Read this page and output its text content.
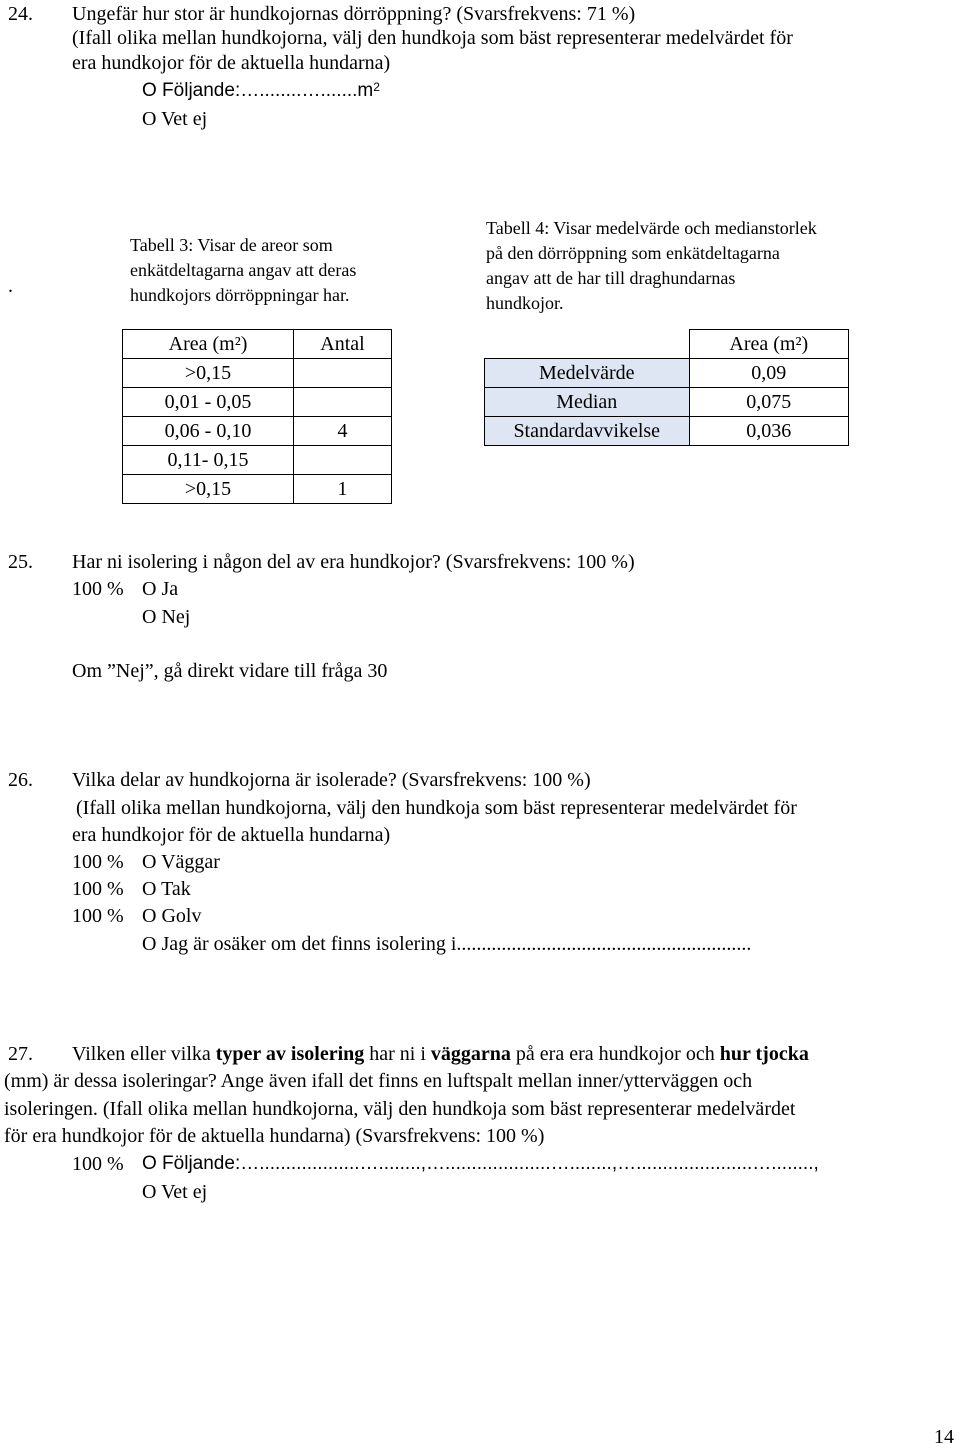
24. Ungefär hur stor är hundkojornas dörröppning? (Svarsfrekvens: 71 %)
(Ifall olika mellan hundkojorna, välj den hundkoja som bäst representerar medelvärdet för
era hundkojor för de aktuella hundarna)
O $Följande:\dots........\dots.......m^2$
O Vet ej
.
Tabell 3: Visar de areor som
enkätdeltagarna angav att deras
hundkojors dörröppningar har.
Area (m²)	Antal
>0,15	
0,01 - 0,05	
0,06 - 0,10	4
0,11- 0,15	
>0,15	1
Tabell 4: Visar medelvärde och medianstorlek
på den dörröppning som enkätdeltagarna
angav att de har till draghundarnas
hundkojor.
	Area (m²)
Medelvärde	0,09
Median	0,075
Standardavvikelse	0,036
25. Har ni isolering i någon del av era hundkojor? (Svarsfrekvens: 100 %)
100 % O Ja
O Nej
Om ”Nej”, gå direkt vidare till fråga 30
26. Vilka delar av hundkojorna är isolerade? (Svarsfrekvens: 100 %)
(Ifall olika mellan hundkojorna, välj den hundkoja som bäst representerar medelvärdet för
era hundkojor för de aktuella hundarna)
100 % O Väggar
100 % O Tak
100 % O Golv
O Jag är osäker om det finns isolering i...........................................................
27. Vilken eller vilka typer av isolering har ni i väggarna på era era hundkojor och hur tjocka
(mm) är dessa isoleringar? Ange även ifall det finns en luftspalt mellan inner/ytterväggen och
isoleringen. (Ifall olika mellan hundkojorna, välj den hundkoja som bäst representerar medelvärdet
för era hundkojor för de aktuella hundarna) (Svarsfrekvens: 100 %)
100 % O Följande:…...................…........,…....................…........,…......................…........,
O Vet ej
14
